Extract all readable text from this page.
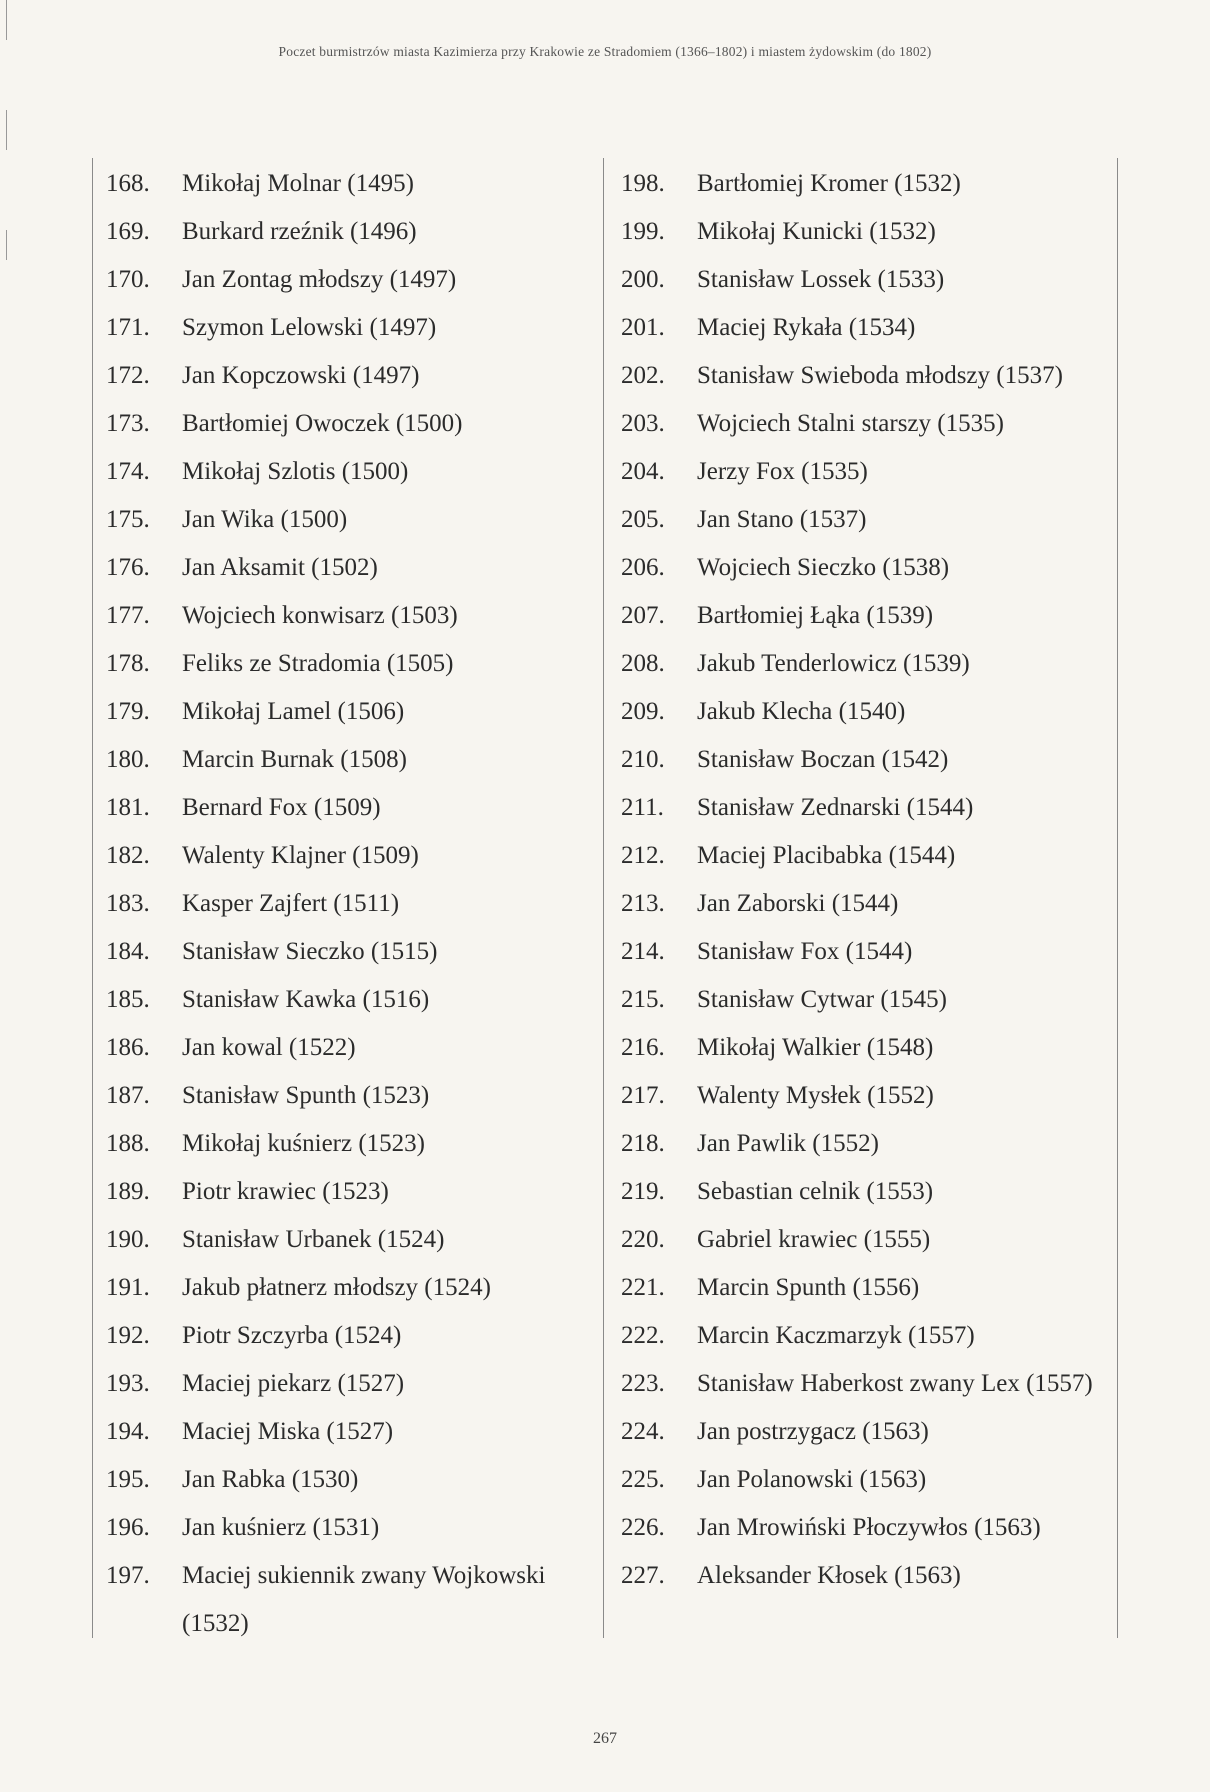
Poczet burmistrzów miasta Kazimierza przy Krakowie ze Stradomiem (1366–1802) i miastem żydowskim (do 1802)
168.	Mikołaj Molnar (1495)
169.	Burkard rzeźnik (1496)
170.	Jan Zontag młodszy (1497)
171.	Szymon Lelowski (1497)
172.	Jan Kopczowski (1497)
173.	Bartłomiej Owoczek (1500)
174.	Mikołaj Szlotis (1500)
175.	Jan Wika (1500)
176.	Jan Aksamit (1502)
177.	Wojciech konwisarz (1503)
178.	Feliks ze Stradomia (1505)
179.	Mikołaj Lamel (1506)
180.	Marcin Burnak (1508)
181.	Bernard Fox (1509)
182.	Walenty Klajner (1509)
183.	Kasper Zajfert (1511)
184.	Stanisław Sieczko (1515)
185.	Stanisław Kawka (1516)
186.	Jan kowal (1522)
187.	Stanisław Spunth (1523)
188.	Mikołaj kuśnierz (1523)
189.	Piotr krawiec (1523)
190.	Stanisław Urbanek (1524)
191.	Jakub płatnerz młodszy (1524)
192.	Piotr Szczyrba (1524)
193.	Maciej piekarz (1527)
194.	Maciej Miska (1527)
195.	Jan Rabka (1530)
196.	Jan kuśnierz (1531)
197.	Maciej sukiennik zwany Wojkowski (1532)
198.	Bartłomiej Kromer (1532)
199.	Mikołaj Kunicki (1532)
200.	Stanisław Lossek (1533)
201.	Maciej Rykała (1534)
202.	Stanisław Swieboda młodszy (1537)
203.	Wojciech Stalni starszy (1535)
204.	Jerzy Fox (1535)
205.	Jan Stano (1537)
206.	Wojciech Sieczko (1538)
207.	Bartłomiej Łąka (1539)
208.	Jakub Tenderlowicz (1539)
209.	Jakub Klecha (1540)
210.	Stanisław Boczan (1542)
211.	Stanisław Zednarski (1544)
212.	Maciej Placibabka (1544)
213.	Jan Zaborski (1544)
214.	Stanisław Fox (1544)
215.	Stanisław Cytwar (1545)
216.	Mikołaj Walkier (1548)
217.	Walenty Mysłek (1552)
218.	Jan Pawlik (1552)
219.	Sebastian celnik (1553)
220.	Gabriel krawiec (1555)
221.	Marcin Spunth (1556)
222.	Marcin Kaczmarzyk (1557)
223.	Stanisław Haberkost zwany Lex (1557)
224.	Jan postrzygacz (1563)
225.	Jan Polanowski (1563)
226.	Jan Mrowiński Płoczywłos (1563)
227.	Aleksander Kłosek (1563)
267
